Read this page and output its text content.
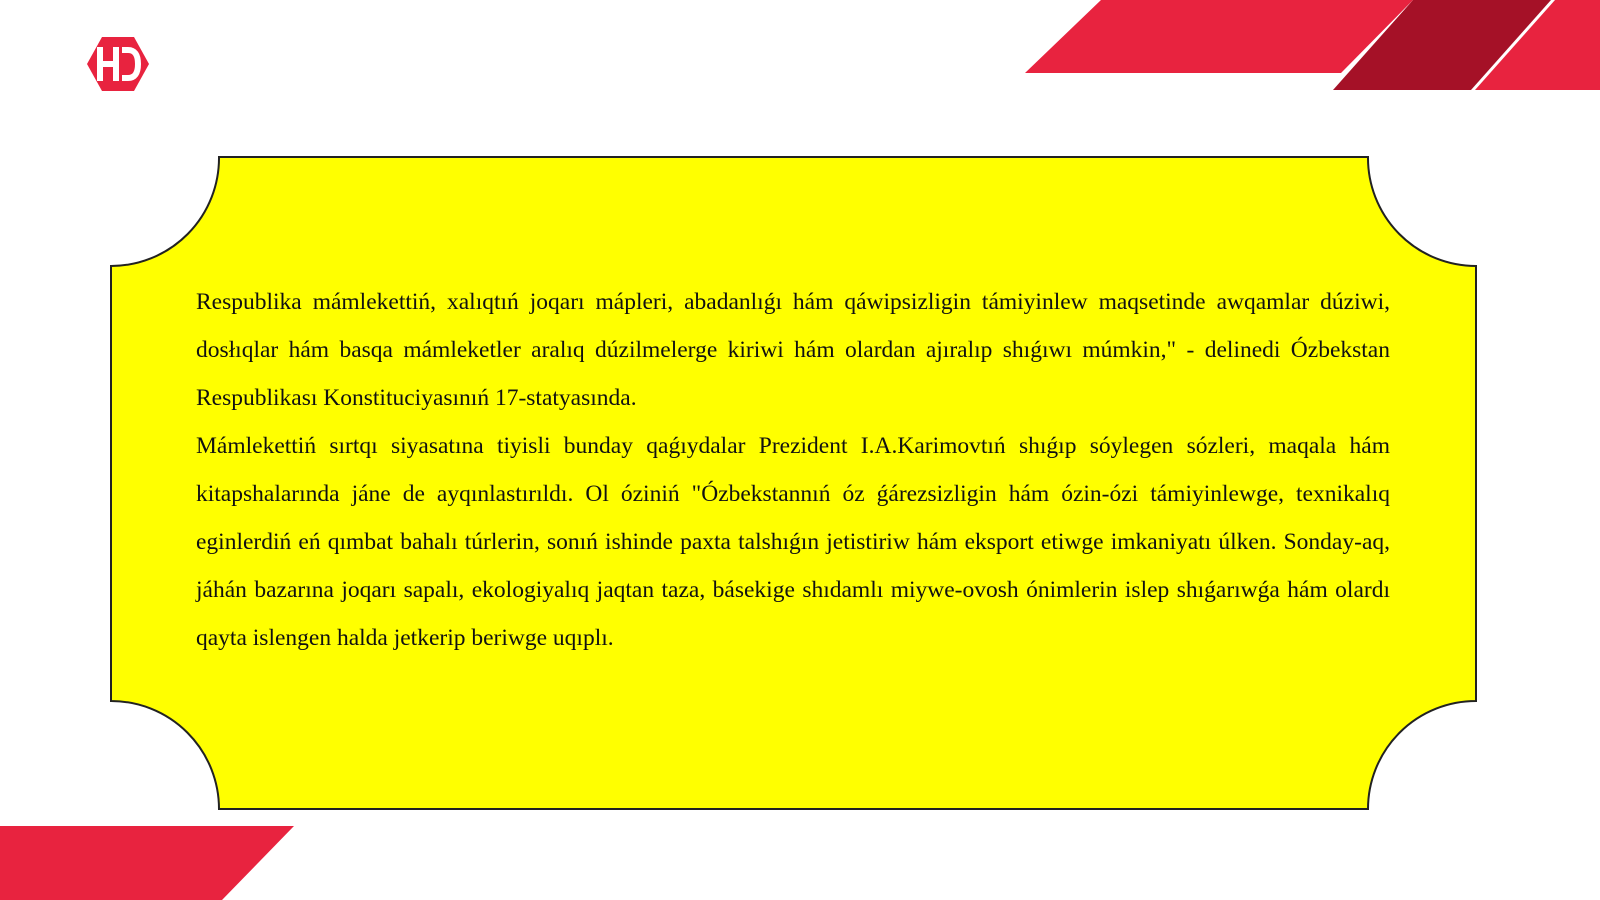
Respublika mámlekettiń, xalıqtıń joqarı mápleri, abadanlıǵı hám qáwipsizligin támiyinlew maqsetinde awqamlar dúziwi, dosłıqlar hám basqa mámleketler aralıq dúzilmelerge kiriwi hám olardan ajıralıp shıǵıwı múmkin," - delinedi Ózbekstan Respublikası Konstituciyasınıń 17-statyasında.

Mámlekettiń sırtqı siyasatına tiyisli bunday qaǵıydalar Prezident I.A.Karimovtıń shıǵıp sóylegen sózleri, maqala hám kitapshalarında jáne de ayqınlastırıldı. Ol óziniń "Ózbekstannıń óz ǵárezsizligin hám ózin-ózi támiyinlewge, texnikalıq eginlerdiń eń qımbat bahalı túrlerin, sonıń ishinde paxta talshıǵın jetistiriw hám eksport etiwge imkaniyatı úlken. Sonday-aq, jáhán bazarına joqarı sapalı, ekologiyalıq jaqtan taza, básekige shıdamlı miywe-ovosh ónimlerin islep shıǵarıwǵa hám olardı qayta islengen halda jetkerip beriwge uqıplı.
